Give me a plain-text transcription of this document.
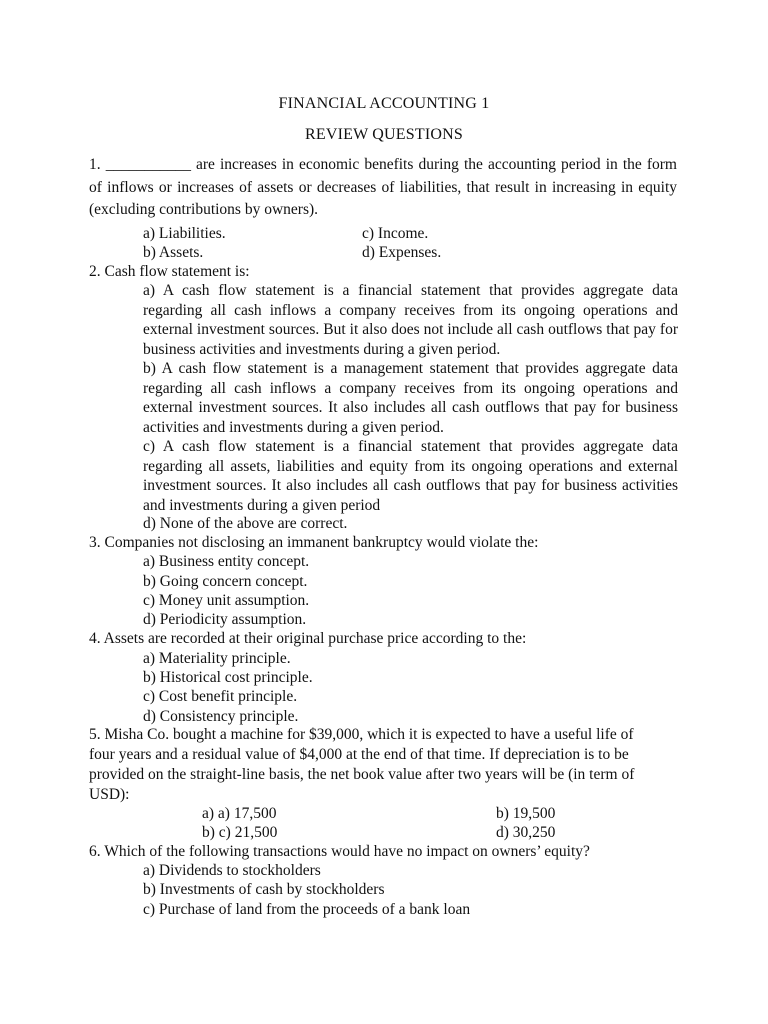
FINANCIAL ACCOUNTING 1
REVIEW QUESTIONS
1. ___________ are increases in economic benefits during the accounting period in the form of inflows or increases of assets or decreases of liabilities, that result in increasing in equity (excluding contributions by owners).
a) Liabilities.	c) Income.
b) Assets.	d) Expenses.
2. Cash flow statement is:
a) A cash flow statement is a financial statement that provides aggregate data regarding all cash inflows a company receives from its ongoing operations and external investment sources. But it also does not include all cash outflows that pay for business activities and investments during a given period.
b) A cash flow statement is a management statement that provides aggregate data regarding all cash inflows a company receives from its ongoing operations and external investment sources. It also includes all cash outflows that pay for business activities and investments during a given period.
c) A cash flow statement is a financial statement that provides aggregate data regarding all assets, liabilities and equity from its ongoing operations and external investment sources. It also includes all cash outflows that pay for business activities and investments during a given period
d) None of the above are correct.
3. Companies not disclosing an immanent bankruptcy would violate the:
a) Business entity concept.
b) Going concern concept.
c) Money unit assumption.
d) Periodicity assumption.
4. Assets are recorded at their original purchase price according to the:
a) Materiality principle.
b) Historical cost principle.
c) Cost benefit principle.
d) Consistency principle.
5. Misha Co. bought a machine for $39,000, which it is expected to have a useful life of
four years and a residual value of $4,000 at the end of that time. If depreciation is to be
provided on the straight-line basis, the net book value after two years will be (in term of
USD):
a) a) 17,500	b) 19,500
b) c) 21,500	d) 30,250
6. Which of the following transactions would have no impact on owners’ equity?
a) Dividends to stockholders
b) Investments of cash by stockholders
c) Purchase of land from the proceeds of a bank loan
